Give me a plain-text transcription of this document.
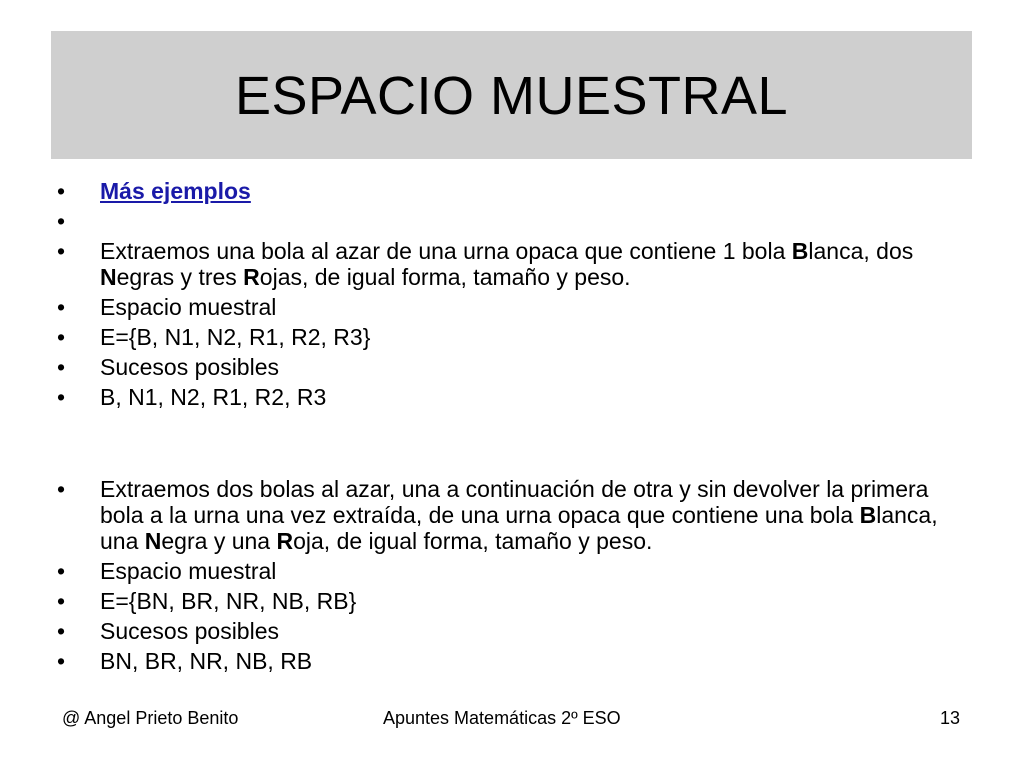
ESPACIO MUESTRAL
•	Más ejemplos
•
•	Extraemos una bola al azar de una urna opaca que contiene 1 bola Blanca, dos Negras y tres Rojas, de igual forma, tamaño y peso.
•	Espacio muestral
•	E={B, N1, N2, R1, R2, R3}
•	Sucesos posibles
•	B, N1, N2, R1, R2, R3
•	Extraemos dos bolas al azar, una a continuación de otra y sin devolver la primera bola a la urna una vez extraída, de una urna opaca que contiene una bola Blanca, una Negra y una Roja, de igual forma, tamaño y peso.
•	Espacio muestral
•	E={BN, BR, NR, NB, RB}
•	Sucesos posibles
•	BN, BR, NR, NB, RB
@ Angel Prieto Benito	Apuntes Matemáticas 2º ESO	13
